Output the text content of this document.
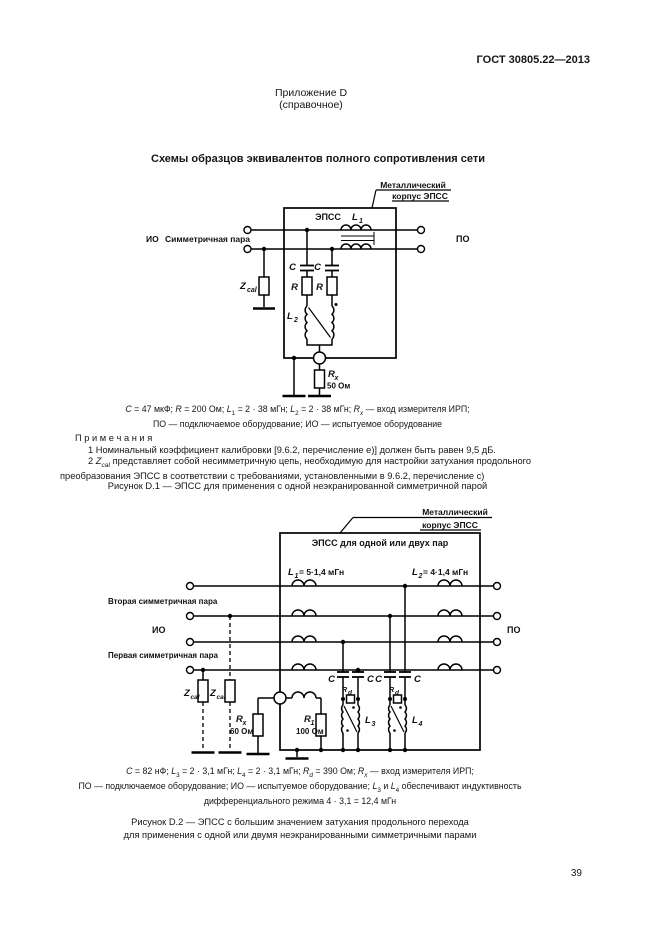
ГОСТ 30805.22—2013
Приложение D
(справочное)
Схемы образцов эквивалентов полного сопротивления сети
Металлический
корпус ЭПСС
ЭПСС L 1
ИО Симметричная пара	ПО
Z cal
C
R
C
R
L 2
R x
50 Ом
C = 47 мкФ; R = 200 Ом; $L_1 = 2 \cdot 38$ мГн; $L_2 = 2 \cdot 38$ мГн; $R_x$ — вход измерителя ИРП;
ПО — подключаемое оборудование; ИО — испытуемое оборудование
П р и м е ч а н и я

1 Номинальный коэффициент калибровки [9.6.2, перечисление е)] должен быть равен 9,5 дБ.

2 $Z_{cal}$ представляет собой несимметричную цепь, необходимую для настройки затухания продольного преобразования ЭПСС в соответствии с требованиями, установленными в 9.6.2, перечисление с)

Рисунок D.1 — ЭПСС для применения с одной неэкранированной симметричной парой
Металлический
корпус ЭПСС
ЭПСС для одной или двух пар
L 1 = 5·1,4 мГн	L 2 = 4·1,4 мГн
Вторая симметричная пара
ИО
Первая симметричная пара
ПО
Z cal Z cal
R x
60 Ом
R 1
100 Ом
C	C
R d
L 3
C	C
R d
L 4
C = 82 нФ; $L_3 = 2 \cdot 3,1$ мГн; $L_4 = 2 \cdot 3,1$ мГн; $R_d = 390$ Ом; $R_x$ — вход измерителя ИРП;
ПО — подключаемое оборудование; ИО — испытуемое оборудование; $L_3$ и $L_4$ обеспечивают индуктивность
дифференциального режима 4 · 3,1 = 12,4 мГн
Рисунок D.2 — ЭПСС с большим значением затухания продольного перехода
для применения с одной или двумя неэкранированными симметричными парами
39
